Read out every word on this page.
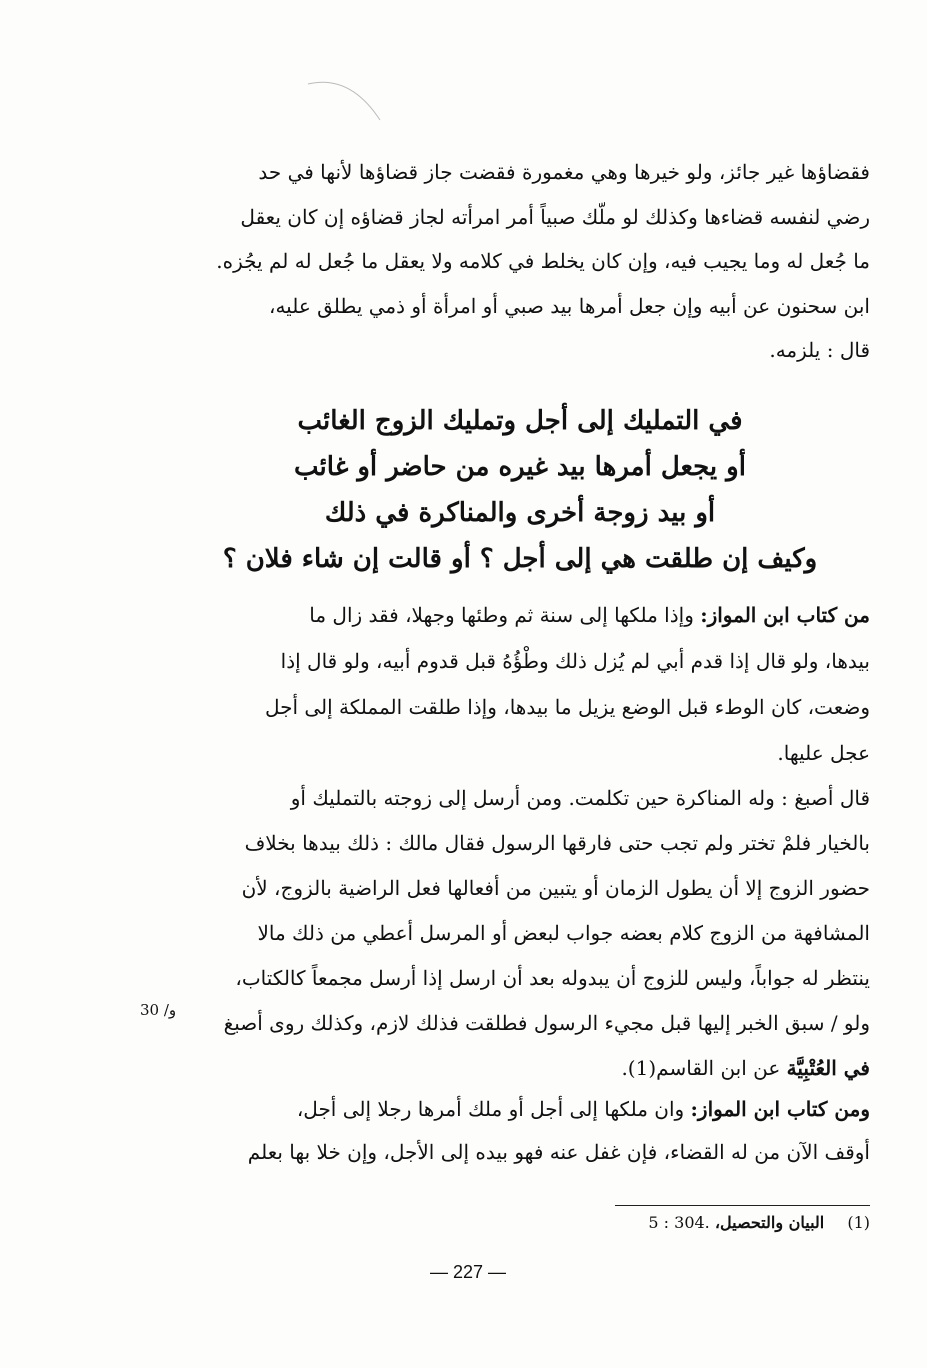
فقضاؤها غير جائز، ولو خيرها وهي مغمورة فقضت جاز قضاؤها لأنها في حد
رضي لنفسه قضاءها وكذلك لو ملّك صبياً أمر امرأته لجاز قضاؤه إن كان يعقل
ما جُعل له وما يجيب فيه، وإن كان يخلط في كلامه ولا يعقل ما جُعل له لم يجُزه.
ابن سحنون عن أبيه وإن جعل أمرها بيد صبي أو امرأة أو ذمي يطلق عليه،
قال : يلزمه.
في التمليك إلى أجل وتمليك الزوج الغائب
أو يجعل أمرها بيد غيره من حاضر أو غائب
أو بيد زوجة أخرى والمناكرة في ذلك
وكيف إن طلقت هي إلى أجل ؟ أو قالت إن شاء فلان ؟
من كتاب ابن المواز: وإذا ملكها إلى سنة ثم وطئها وجهلا، فقد زال ما
بيدها، ولو قال إذا قدم أبي لم يُزل ذلك وطْؤُهُ قبل قدوم أبيه، ولو قال إذا
وضعت، كان الوطء قبل الوضع يزيل ما بيدها، وإذا طلقت المملكة إلى أجل
عجل عليها.
قال أصبغ : وله المناكرة حين تكلمت. ومن أرسل إلى زوجته بالتمليك أو
بالخيار فلمْ تختر ولم تجب حتى فارقها الرسول فقال مالك : ذلك بيدها بخلاف
حضور الزوج إلا أن يطول الزمان أو يتبين من أفعالها فعل الراضية بالزوج، لأن
المشافهة من الزوج كلام بعضه جواب لبعض أو المرسل أعطي من ذلك مالا
ينتظر له جواباً، وليس للزوج أن يبدوله بعد أن ارسل إذا أرسل مجمعاً كالكتاب،
ولو / سبق الخبر إليها قبل مجيء الرسول فطلقت فذلك لازم، وكذلك روى أصبغ
في العُتْبِيَّة عن ابن القاسم(1).
30 /و
ومن كتاب ابن المواز: وان ملكها إلى أجل أو ملك أمرها رجلا إلى أجل،
أوقف الآن من له القضاء، فإن غفل عنه فهو بيده إلى الأجل، وإن خلا بها بعلم
(1) البيان والتحصيل، 5 : 304.
— 227 —
